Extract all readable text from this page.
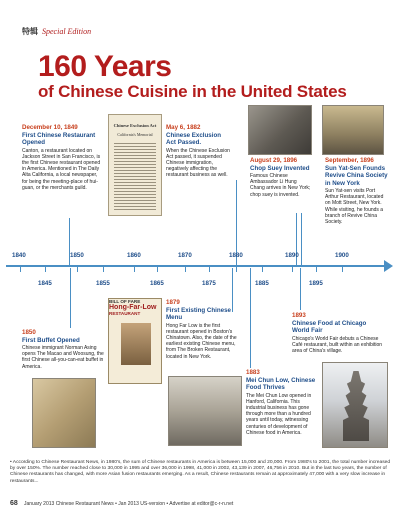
特辑 Special Edition
160 Years
of Chinese Cuisine in the United States
December 10, 1849
First Chinese Restaurant Opened
Canton, a restaurant located on Jackson Street in San Francisco, is the first Chinese restaurant opened in America. Mentioned in The Daily Alta California, a local newspaper, for being the meeting-place of hui-guan, or the merchants guild.
Chinese Exclusion Act
California's Memorial
May 6, 1882
Chinese Exclusion Act Passed.
When the Chinese Exclusion Act passed, it suspended Chinese immigration, negatively affecting the restaurant business as well.
August 29, 1896
Chop Suey Invented
Famous Chinese Ambassador Li Hung Chang arrives in New York; chop suey is invented.
September, 1896
Sun Yat-Sen Founds Revive China Society in New York
Sun Yat-sen visits Port Arthur Restaurant, located on Mott Street, New York. While visiting, he founds a branch of Revive China Society.
1840	1850	1860	1870	1880	1890	1900
1845	1855	1865	1875	1885	1895
1850
First Buffet Opened
Chinese immigrant Norman Asing opens The Macao and Woosung, the first Chinese all-you-can-eat buffet in America.
BILL OF FARE
Hong-Far-Low
RESTAURANT
1879
First Existing Chinese Menu
Hong Far Low is the first restaurant opened in Boston's Chinatown. Also, the date of the earliest existing Chinese menu, from The Broken Restaurant, located in New York.
1883
Mei Chun Low, Chinese Food Thrives
The Mei Chun Low opened in Hanford, California. This industrial business has gone through more than a hundred years until today, witnessing centuries of development of Chinese food in America.
1893
Chinese Food at Chicago World Fair
Chicago's World Fair debuts a Chinese Café restaurant, built within an exhibition area of China's village.
• According to Chinese Restaurant News, in 1980's, the sum of Chinese restaurants in America is between 15,000 and 20,000. From 1980's to 2001, the total number increased by over 150%. The number reached close to 30,000 in 1995 and over 36,000 in 1998, 41,000 in 2002, 43,139 in 2007, 46,756 in 2010. But in the last two years, the number of Chinese restaurants has changed, with more Asian fusion restaurants emerging. As a result, Chinese restaurants remain at approximately 47,000 with a very slow increase in restaurants...
68 January 2013 Chinese Restaurant News • Jan 2013 US-version • Advertise at editor@c-r-n.net
